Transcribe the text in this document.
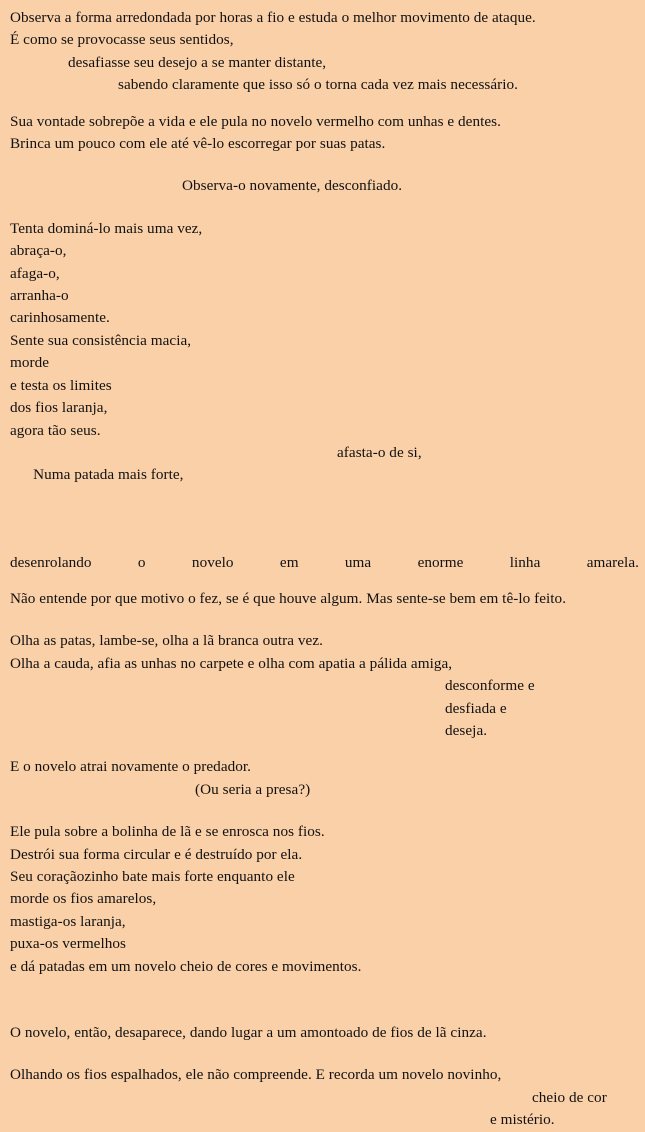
Observa a forma arredondada por horas a fio e estuda o melhor movimento de ataque.
É como se provocasse seus sentidos,
desafiasse seu desejo a se manter distante,
sabendo claramente que isso só o torna cada vez mais necessário.
Sua vontade sobrepõe a vida e ele pula no novelo vermelho com unhas e dentes.
Brinca um pouco com ele até vê-lo escorregar por suas patas.
Observa-o novamente, desconfiado.
Tenta dominá-lo mais uma vez,
abraça-o,
afaga-o,
arranha-o
carinhosamente.
Sente sua consistência macia,
morde
e testa os limites
dos fios laranja,
agora tão seus.

Numa patada mais forte,

afasta-o de si,

desenrolando	o	novelo	em	uma	enorme	linha	amarela.
Não entende por que motivo o fez, se é que houve algum. Mas sente-se bem em tê-lo feito.
Olha as patas, lambe-se, olha a lã branca outra vez.
Olha a cauda, afia as unhas no carpete e olha com apatia a pálida amiga,
desconforme e
desfiada e
deseja.
E o novelo atrai novamente o predador.
(Ou seria a presa?)
Ele pula sobre a bolinha de lã e se enrosca nos fios.
Destrói sua forma circular e é destruído por ela.
Seu coraçãozinho bate mais forte enquanto ele
morde os fios amarelos,
mastiga-os laranja,
puxa-os vermelhos
e dá patadas em um novelo cheio de cores e movimentos.
O novelo, então, desaparece, dando lugar a um amontoado de fios de lã cinza.
Olhando os fios espalhados, ele não compreende. E recorda um novelo novinho,
cheio de cor
e mistério.
